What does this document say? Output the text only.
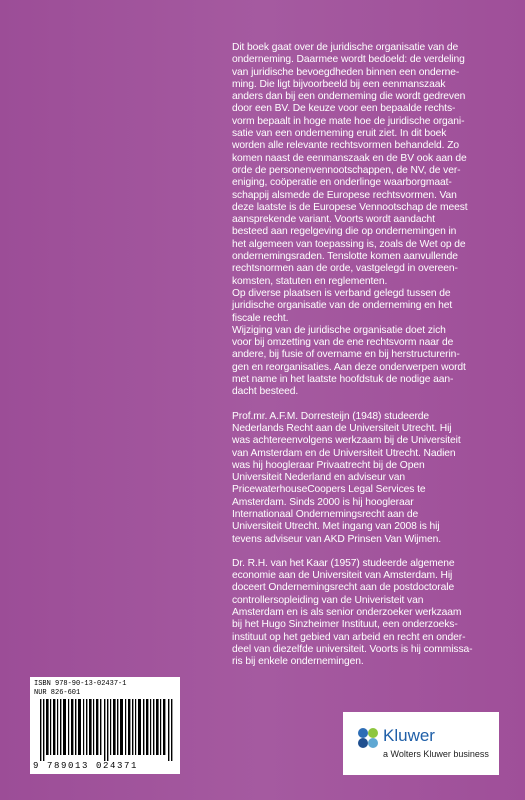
Dit boek gaat over de juridische organisatie van de
onderneming. Daarmee wordt bedoeld: de verdeling
van juridische bevoegdheden binnen een onderne-
ming. Die ligt bijvoorbeeld bij een eenmanszaak
anders dan bij een onderneming die wordt gedreven
door een BV. De keuze voor een bepaalde rechts-
vorm bepaalt in hoge mate hoe de juridische organi-
satie van een onderneming eruit ziet. In dit boek
worden alle relevante rechtsvormen behandeld. Zo
komen naast de eenmanszaak en de BV ook aan de
orde de personenvennootschappen, de NV, de ver-
eniging, coöperatie en onderlinge waarborgmaat-
schappij alsmede de Europese rechtsvormen. Van
deze laatste is de Europese Vennootschap de meest
aansprekende variant. Voorts wordt aandacht
besteed aan regelgeving die op ondernemingen in
het algemeen van toepassing is, zoals de Wet op de
ondernemingsraden. Tenslotte komen aanvullende
rechtsnormen aan de orde, vastgelegd in overeen-
komsten, statuten en reglementen.
Op diverse plaatsen is verband gelegd tussen de
juridische organisatie van de onderneming en het
fiscale recht.
Wijziging van de juridische organisatie doet zich
voor bij omzetting van de ene rechtsvorm naar de
andere, bij fusie of overname en bij herstructurerin-
gen en reorganisaties. Aan deze onderwerpen wordt
met name in het laatste hoofdstuk de nodige aan-
dacht besteed.

Prof.mr. A.F.M. Dorresteijn (1948) studeerde
Nederlands Recht aan de Universiteit Utrecht. Hij
was achtereenvolgens werkzaam bij de Universiteit
van Amsterdam en de Universiteit Utrecht. Nadien
was hij hoogleraar Privaatrecht bij de Open
Universiteit Nederland en adviseur van
PricewaterhouseCoopers Legal Services te
Amsterdam. Sinds 2000 is hij hoogleraar
Internationaal Ondernemingsrecht aan de
Universiteit Utrecht. Met ingang van 2008 is hij
tevens adviseur van AKD Prinsen Van Wijmen.

Dr. R.H. van het Kaar (1957) studeerde algemene
economie aan de Universiteit van Amsterdam. Hij
doceert Ondernemingsrecht aan de postdoctorale
controllersopleiding van de Univeristeit van
Amsterdam en is als senior onderzoeker werkzaam
bij het Hugo Sinzheimer Instituut, een onderzoeks-
instituut op het gebied van arbeid en recht en onder-
deel van diezelfde universiteit. Voorts is hij commissa-
ris bij enkele ondernemingen.

ISBN 978-90-13-02437-1
NUR 826-601
9 789013 024371
Kluwer
a Wolters Kluwer business
